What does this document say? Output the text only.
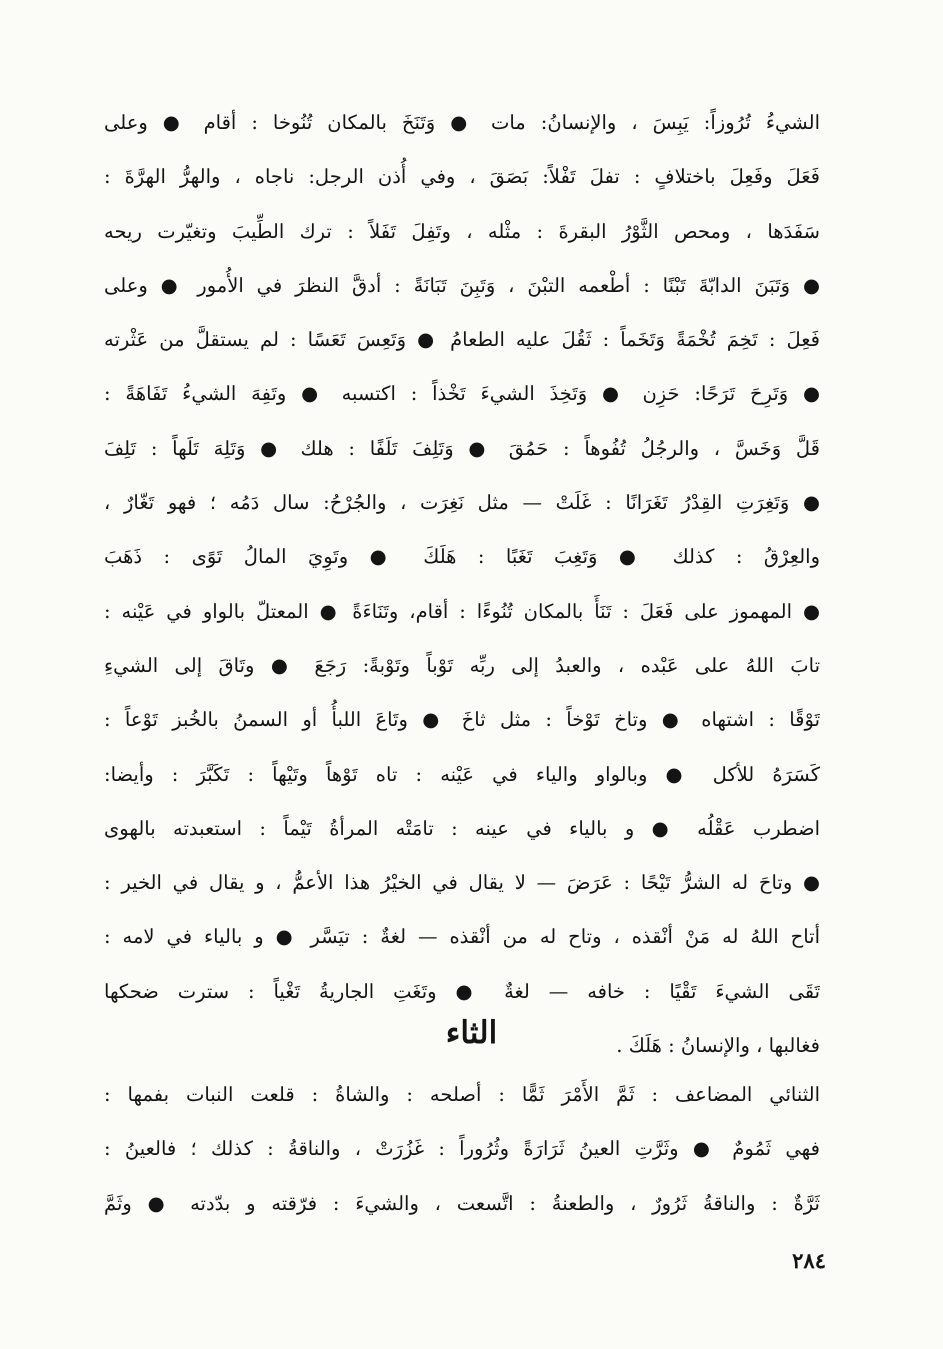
الشيءُ تُرُوزاً: يَبِسَ ، والإنسانُ: مات ● وَتَنَخَ بالمكان تُنُوخا : أقام ● وعلى
فَعَلَ وفَعِلَ باختلافٍ : تفلَ تَفْلاً: بَصَقَ ، وفي أُذن الرجل: ناجاه ، والهرُّ الهرَّةَ :
سَفَدَها ، ومحص الثَّوْرُ البقرةَ : مثْله ، وتَفِلَ تَفَلاً : ترك الطِّيبَ وتغيّرت ريحه
● وَتَبَنَ الدابّةَ تَبْنًا : أطْعمه التبْنَ ، وَتَبِنَ تَبَانَةً : أدقَّ النظرَ في الأُمور ● وعلى
فَعِلَ : تَخِمَ تُخْمَةً وَتَخَماً : ثَقُلَ عليه الطعامُ ● وَتَعِسَ تَعَسًا : لم يستقلَّ من عَثْرته
● وَتَرِحَ تَرَحًا: حَزِن ● وَتَخِذَ الشيءَ تَخْذاً : اكتسبه ● وتَفِهَ الشيءُ تَفَاهَةً :
قَلَّ وَخَسَّ ، والرجُلُ تُفُوهاً : حَمُقَ ● وَتَلِفَ تَلَفًا : هلك ● وَتَلِهَ تَلَهاً : تَلِفَ
● وَتَغِرَتِ القِدْرُ تَغَرَانًا : غَلَتْ — مثل نَغِرَت ، والجُرْحُ: سال دَمُه ؛ فهو تَغّارٌ ،
والعِرْقُ : كذلك ● وَتَغِبَ تَغَبًا : هَلَكَ ● وتَوِيَ المالُ تَوًى : ذَهَبَ
● المهموز على فَعَلَ : تَنَأَ بالمكان تُنُوءًا : أقام، وتَنَاءَةً ● المعتلّ بالواو في عَيْنه :
تابَ اللهُ على عَبْده ، والعبدُ إلى ربِّه تَوْباً وتَوْبةً: رَجَعَ ● وتَاقَ إلى الشيءِ
تَوْقًا : اشتهاه ● وتاخ تَوْخاً : مثل ثاخَ ● وتَاعَ اللبأُ أو السمنُ بالخُبز تَوْعاً :
كَسَرَهُ للأكل ● وبالواو والياء في عَيْنه : تاه تَوْهاً وتَيْهاً : تَكَبَّرَ : وأيضا:
اضطرب عَقْلُه ● و بالياء في عينه : تامَتْه المرأةُ تَيْماً : استعبدته بالهوى
● وتاحَ له الشرُّ تَيْحًا : عَرَضَ — لا يقال في الخيْرُ هذا الأعمُّ ، و يقال في الخير :
أتاح اللهُ له مَنْ أنْقذه ، وتاح له من أنْقذه — لغةٌ : تيَسَّر ● و بالياء في لامه :
تَقَى الشيءَ تَقْيًا : خافه — لغةٌ ● وتَغَتِ الجاريةُ تَغْياً : سترت ضحكها
فغالبها ، والإنسانُ : هَلَكَ .
الثاء
الثنائي المضاعف : ثَمَّ الأَمْرَ ثَمًّا : أصلحه : والشاةُ : قلعت النبات بفمها :
فهي ثَمُومٌ ● وثَرَّتِ العينُ ثَرَارَةً وثُرُوراً : غَزُرَتْ ، والناقةُ : كذلك ؛ فالعينُ :
ثَرَّةٌ : والناقةُ ثَرُورٌ ، والطعنةُ : اتَّسعت ، والشيءَ : فرّقته و بدّدته ● وثَمَّ
٢٨٤
